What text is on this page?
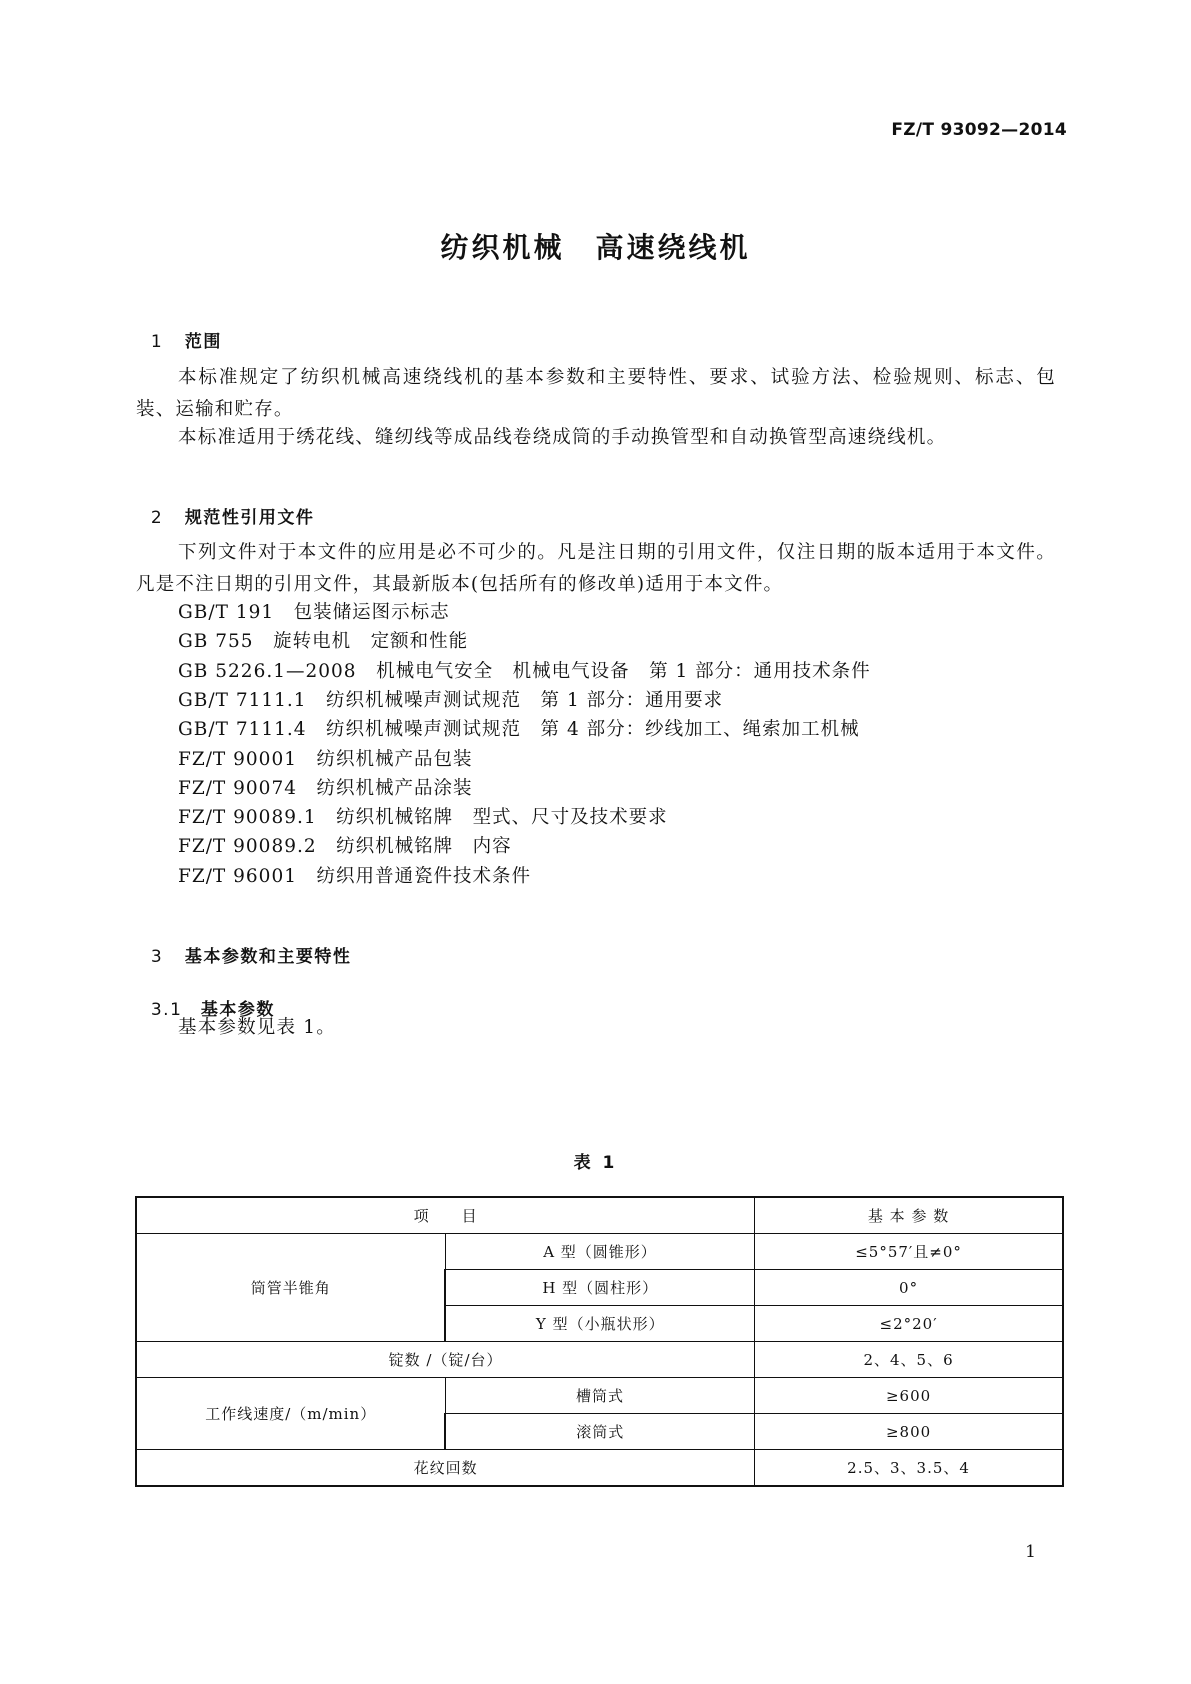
FZ/T 93092—2014
纺织机械　高速绕线机

1 范围

本标准规定了纺织机械高速绕线机的基本参数和主要特性、要求、试验方法、检验规则、标志、包装、运输和贮存。
本标准适用于绣花线、缝纫线等成品线卷绕成筒的手动换管型和自动换管型高速绕线机。

2 规范性引用文件

下列文件对于本文件的应用是必不可少的。凡是注日期的引用文件，仅注日期的版本适用于本文件。凡是不注日期的引用文件，其最新版本(包括所有的修改单)适用于本文件。
GB/T 191　包装储运图示标志
GB 755　旋转电机　定额和性能
GB 5226.1—2008　机械电气安全　机械电气设备　第 1 部分：通用技术条件
GB/T 7111.1　纺织机械噪声测试规范　第 1 部分：通用要求
GB/T 7111.4　纺织机械噪声测试规范　第 4 部分：纱线加工、绳索加工机械
FZ/T 90001　纺织机械产品包装
FZ/T 90074　纺织机械产品涂装
FZ/T 90089.1　纺织机械铭牌　型式、尺寸及技术要求
FZ/T 90089.2　纺织机械铭牌　内容
FZ/T 96001　纺织用普通瓷件技术条件

3 基本参数和主要特性

3.1 基本参数

基本参数见表 1。
表 1
项　　目		基 本 参 数
筒管半锥角	A 型（圆锥形）	≤5°57′且≠0°
	H 型（圆柱形）	0°
	Y 型（小瓶状形）	≤2°20′
锭数 /（锭/台）		2、4、5、6
工作线速度/（m/min）	槽筒式	≥600
	滚筒式	≥800
花纹回数		2.5、3、3.5、4
1
